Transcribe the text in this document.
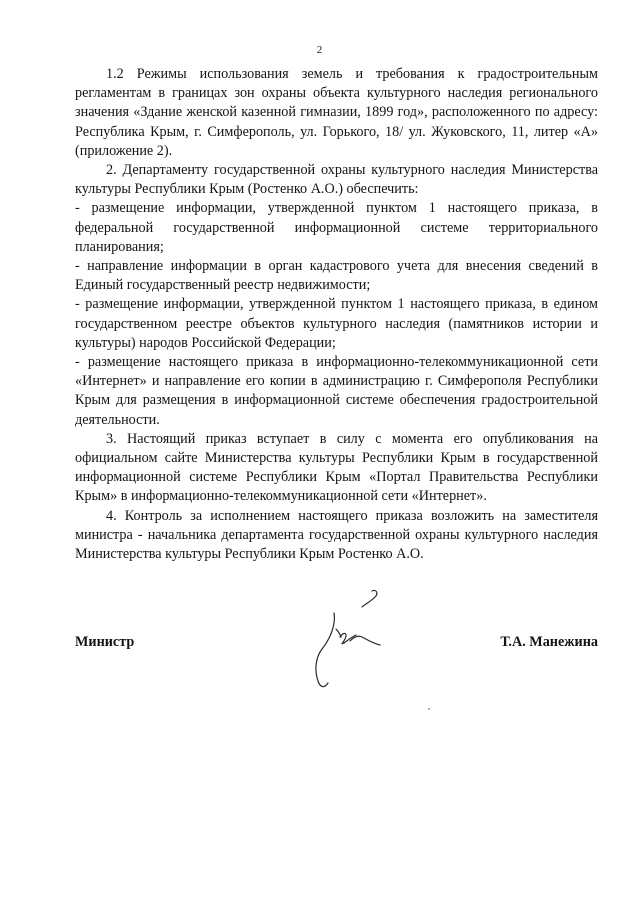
2

1.2 Режимы использования земель и требования к градостроительным регламентам в границах зон охраны объекта культурного наследия регионального значения «Здание женской казенной гимназии, 1899 год», расположенного по адресу: Республика Крым, г. Симферополь, ул. Горького, 18/ ул. Жуковского, 11, литер «А» (приложение 2).

2. Департаменту государственной охраны культурного наследия Министерства культуры Республики Крым (Ростенко А.О.) обеспечить:

- размещение информации, утвержденной пунктом 1 настоящего приказа, в федеральной государственной информационной системе территориального планирования;

- направление информации в орган кадастрового учета для внесения сведений в Единый государственный реестр недвижимости;

- размещение информации, утвержденной пунктом 1 настоящего приказа, в едином государственном реестре объектов культурного наследия (памятников истории и культуры) народов Российской Федерации;

- размещение настоящего приказа в информационно-телекоммуникационной сети «Интернет» и направление его копии в администрацию г. Симферополя Республики Крым для размещения в информационной системе обеспечения градостроительной деятельности.

3. Настоящий приказ вступает в силу с момента его опубликования на официальном сайте Министерства культуры Республики Крым в государственной информационной системе Республики Крым «Портал Правительства Республики Крым» в информационно-телекоммуникационной сети «Интернет».

4. Контроль за исполнением настоящего приказа возложить на заместителя министра - начальника департамента государственной охраны культурного наследия Министерства культуры Республики Крым Ростенко А.О.

Министр	Т.А. Манежина
